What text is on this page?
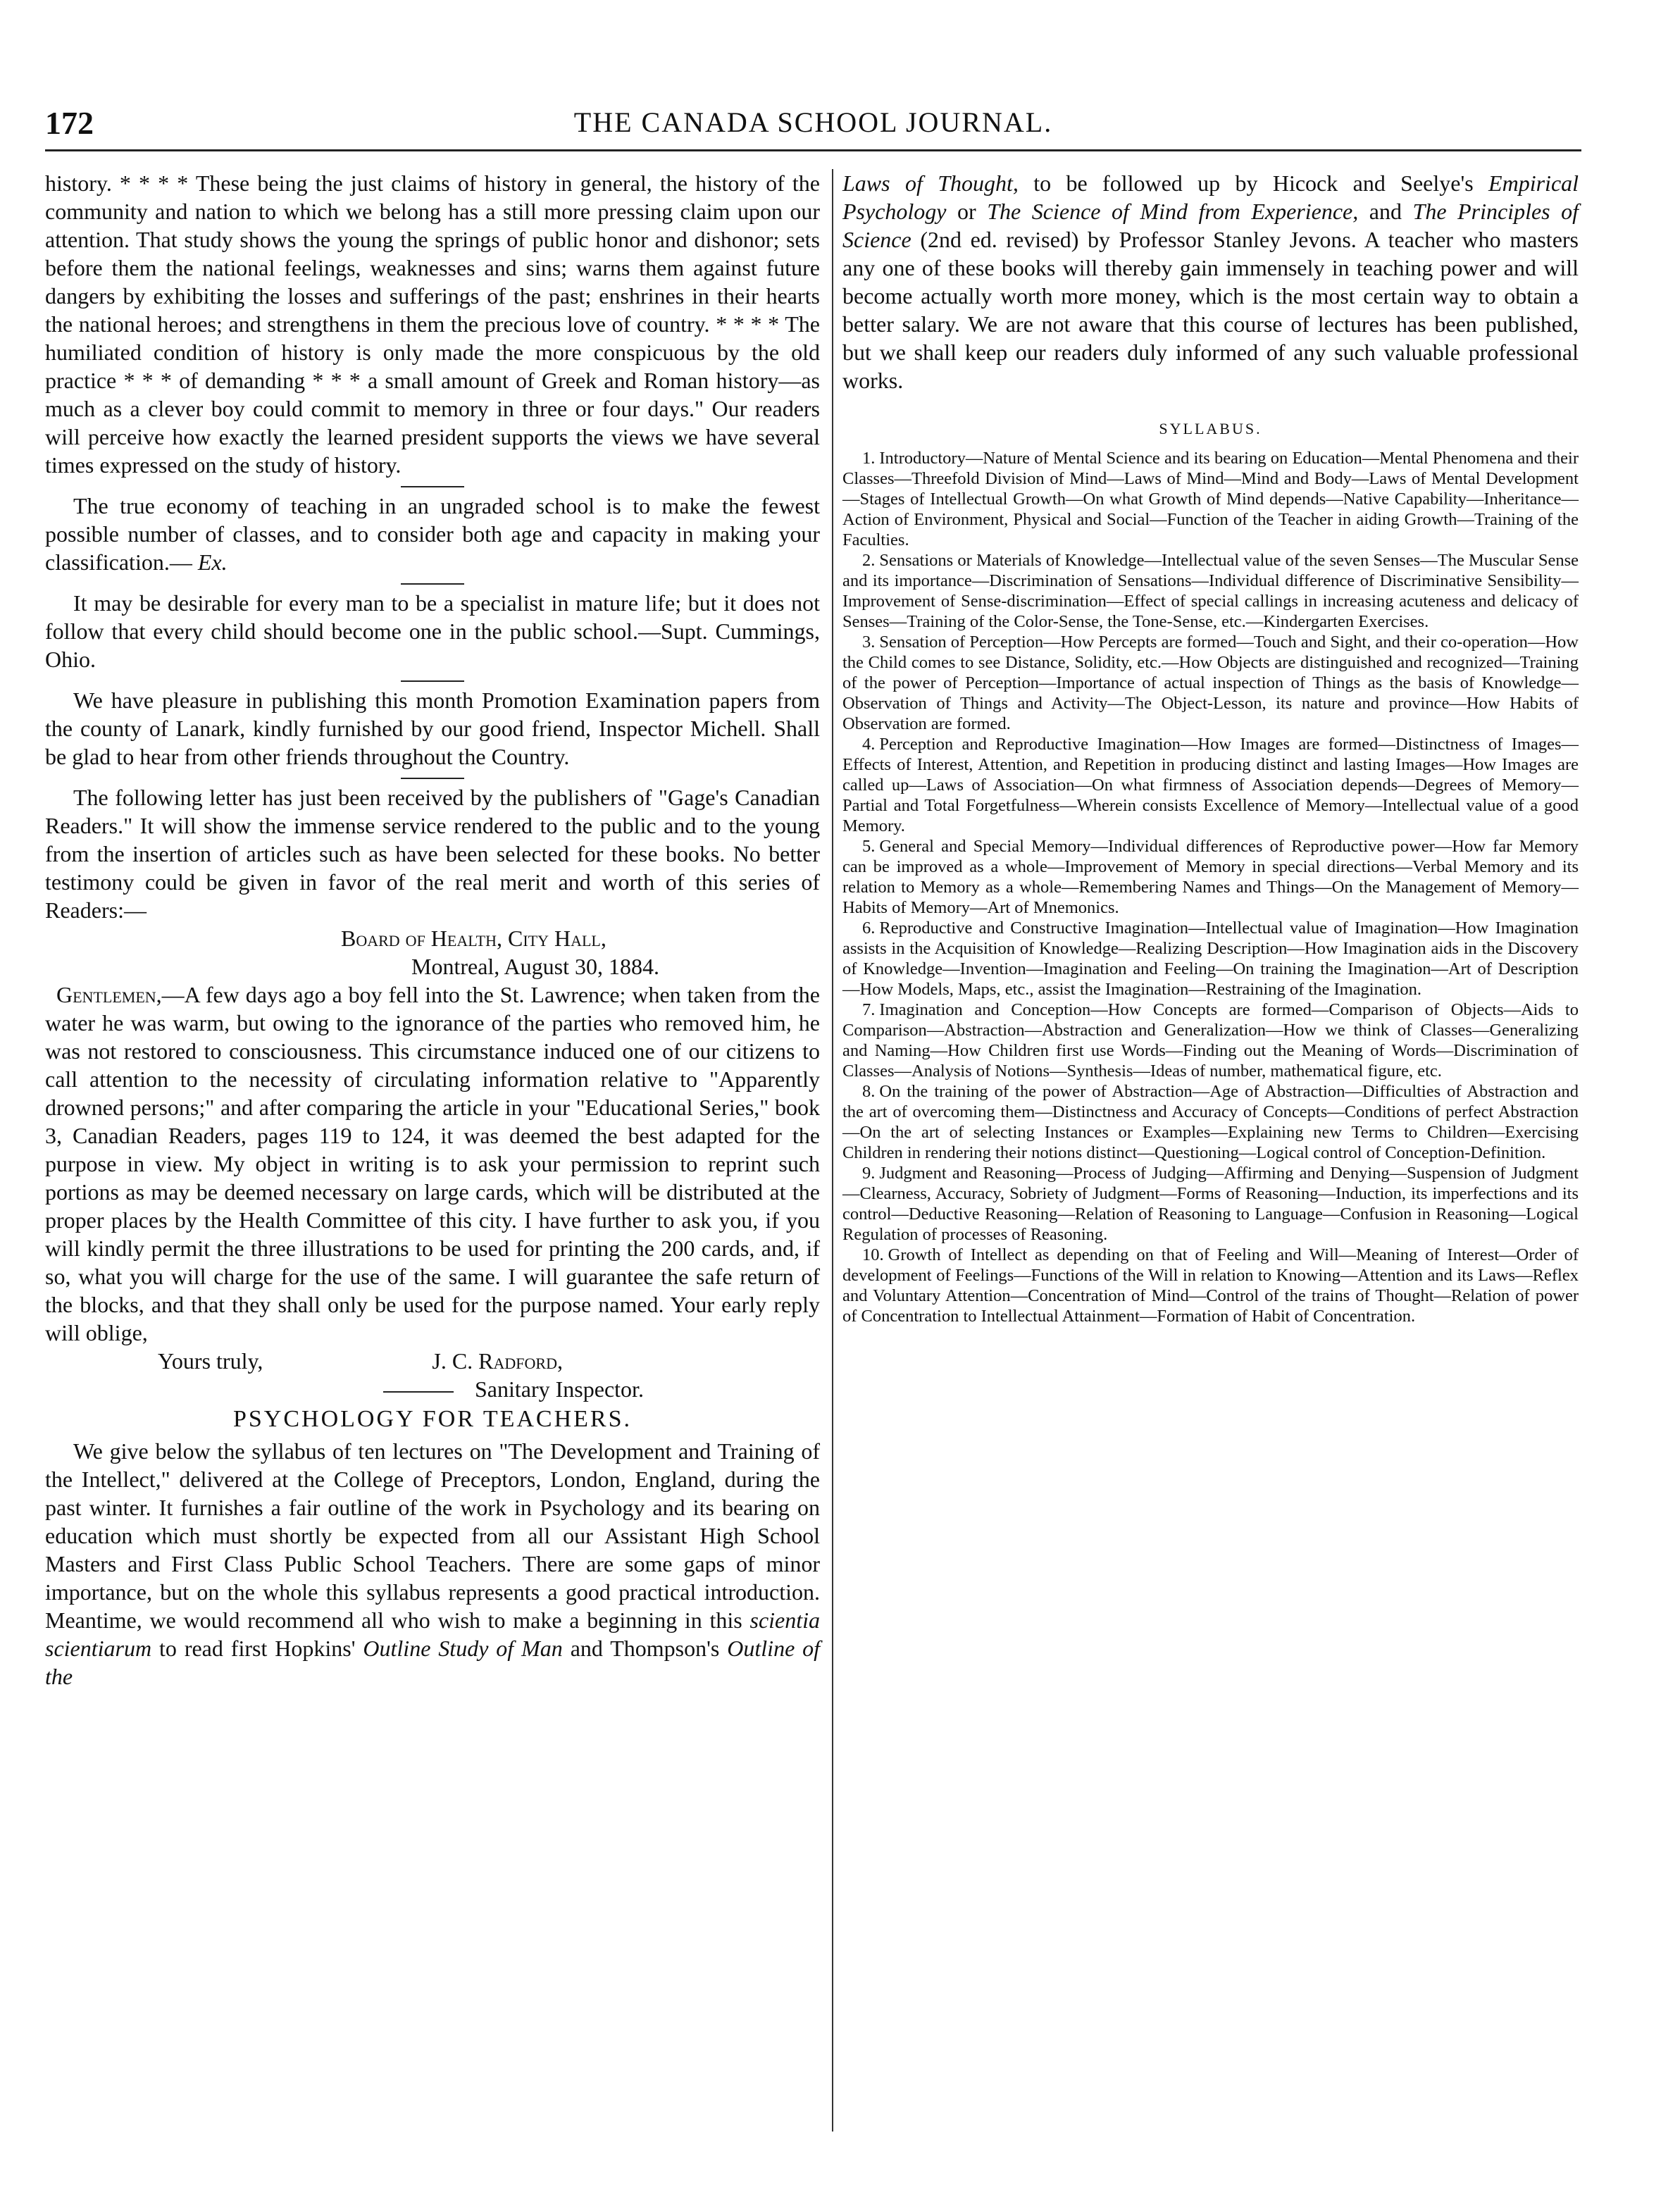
172	THE CANADA SCHOOL JOURNAL.

history. * * * * These being the just claims of history in general, the history of the community and nation to which we belong has a still more pressing claim upon our attention. That study shows the young the springs of public honor and dishonor; sets before them the national feelings, weaknesses and sins; warns them against future dangers by exhibiting the losses and sufferings of the past; enshrines in their hearts the national heroes; and strengthens in them the precious love of country. * * * * The humiliated condition of history is only made the more conspicuous by the old practice * * * of demanding * * * a small amount of Greek and Roman history—as much as a clever boy could commit to memory in three or four days." Our readers will perceive how exactly the learned president supports the views we have several times expressed on the study of history.

The true economy of teaching in an ungraded school is to make the fewest possible number of classes, and to consider both age and capacity in making your classification.— Ex.

It may be desirable for every man to be a specialist in mature life; but it does not follow that every child should become one in the public school.—Supt. Cummings, Ohio.

We have pleasure in publishing this month Promotion Examination papers from the county of Lanark, kindly furnished by our good friend, Inspector Michell. Shall be glad to hear from other friends throughout the Country.

The following letter has just been received by the publishers of "Gage's Canadian Readers." It will show the immense service rendered to the public and to the young from the insertion of articles such as have been selected for these books. No better testimony could be given in favor of the real merit and worth of this series of Readers:—

Board of Health, City Hall,
Montreal, August 30, 1884.

Gentlemen,—A few days ago a boy fell into the St. Lawrence; when taken from the water he was warm, but owing to the ignorance of the parties who removed him, he was not restored to consciousness. This circumstance induced one of our citizens to call attention to the necessity of circulating information relative to "Apparently drowned persons;" and after comparing the article in your "Educational Series," book 3, Canadian Readers, pages 119 to 124, it was deemed the best adapted for the purpose in view. My object in writing is to ask your permission to reprint such portions as may be deemed necessary on large cards, which will be distributed at the proper places by the Health Committee of this city. I have further to ask you, if you will kindly permit the three illustrations to be used for printing the 200 cards, and, if so, what you will charge for the use of the same. I will guarantee the safe return of the blocks, and that they shall only be used for the purpose named. Your early reply will oblige,

Yours truly,	J. C. Radford,
Sanitary Inspector.
PSYCHOLOGY FOR TEACHERS.

We give below the syllabus of ten lectures on "The Development and Training of the Intellect," delivered at the College of Preceptors, London, England, during the past winter. It furnishes a fair outline of the work in Psychology and its bearing on education which must shortly be expected from all our Assistant High School Masters and First Class Public School Teachers. There are some gaps of minor importance, but on the whole this syllabus represents a good practical introduction. Meantime, we would recommend all who wish to make a beginning in this scientia scientiarum to read first Hopkins' Outline Study of Man and Thompson's Outline of the

Laws of Thought, to be followed up by Hicock and Seelye's Empirical Psychology or The Science of Mind from Experience, and The Principles of Science (2nd ed. revised) by Professor Stanley Jevons. A teacher who masters any one of these books will thereby gain immensely in teaching power and will become actually worth more money, which is the most certain way to obtain a better salary. We are not aware that this course of lectures has been published, but we shall keep our readers duly informed of any such valuable professional works.

SYLLABUS.

1. Introductory—Nature of Mental Science and its bearing on Education—Mental Phenomena and their Classes—Threefold Division of Mind—Laws of Mind—Mind and Body—Laws of Mental Development—Stages of Intellectual Growth—On what Growth of Mind depends—Native Capability—Inheritance—Action of Environment, Physical and Social—Function of the Teacher in aiding Growth—Training of the Faculties.

2. Sensations or Materials of Knowledge—Intellectual value of the seven Senses—The Muscular Sense and its importance—Discrimination of Sensations—Individual difference of Discriminative Sensibility—Improvement of Sense-discrimination—Effect of special callings in increasing acuteness and delicacy of Senses—Training of the Color-Sense, the Tone-Sense, etc.—Kindergarten Exercises.

3. Sensation of Perception—How Percepts are formed—Touch and Sight, and their co-operation—How the Child comes to see Distance, Solidity, etc.—How Objects are distinguished and recognized—Training of the power of Perception—Importance of actual inspection of Things as the basis of Knowledge—Observation of Things and Activity—The Object-Lesson, its nature and province—How Habits of Observation are formed.

4. Perception and Reproductive Imagination—How Images are formed—Distinctness of Images—Effects of Interest, Attention, and Repetition in producing distinct and lasting Images—How Images are called up—Laws of Association—On what firmness of Association depends—Degrees of Memory—Partial and Total Forgetfulness—Wherein consists Excellence of Memory—Intellectual value of a good Memory.

5. General and Special Memory—Individual differences of Reproductive power—How far Memory can be improved as a whole—Improvement of Memory in special directions—Verbal Memory and its relation to Memory as a whole—Remembering Names and Things—On the Management of Memory—Habits of Memory—Art of Mnemonics.

6. Reproductive and Constructive Imagination—Intellectual value of Imagination—How Imagination assists in the Acquisition of Knowledge—Realizing Description—How Imagination aids in the Discovery of Knowledge—Invention—Imagination and Feeling—On training the Imagination—Art of Description—How Models, Maps, etc., assist the Imagination—Restraining of the Imagination.

7. Imagination and Conception—How Concepts are formed—Comparison of Objects—Aids to Comparison—Abstraction—Abstraction and Generalization—How we think of Classes—Generalizing and Naming—How Children first use Words—Finding out the Meaning of Words—Discrimination of Classes—Analysis of Notions—Synthesis—Ideas of number, mathematical figure, etc.

8. On the training of the power of Abstraction—Age of Abstraction—Difficulties of Abstraction and the art of overcoming them—Distinctness and Accuracy of Concepts—Conditions of perfect Abstraction—On the art of selecting Instances or Examples—Explaining new Terms to Children—Exercising Children in rendering their notions distinct—Questioning—Logical control of Conception-Definition.

9. Judgment and Reasoning—Process of Judging—Affirming and Denying—Suspension of Judgment—Clearness, Accuracy, Sobriety of Judgment—Forms of Reasoning—Induction, its imperfections and its control—Deductive Reasoning—Relation of Reasoning to Language—Confusion in Reasoning—Logical Regulation of processes of Reasoning.

10. Growth of Intellect as depending on that of Feeling and Will—Meaning of Interest—Order of development of Feelings—Functions of the Will in relation to Knowing—Attention and its Laws—Reflex and Voluntary Attention—Concentration of Mind—Control of the trains of Thought—Relation of power of Concentration to Intellectual Attainment—Formation of Habit of Concentration.
